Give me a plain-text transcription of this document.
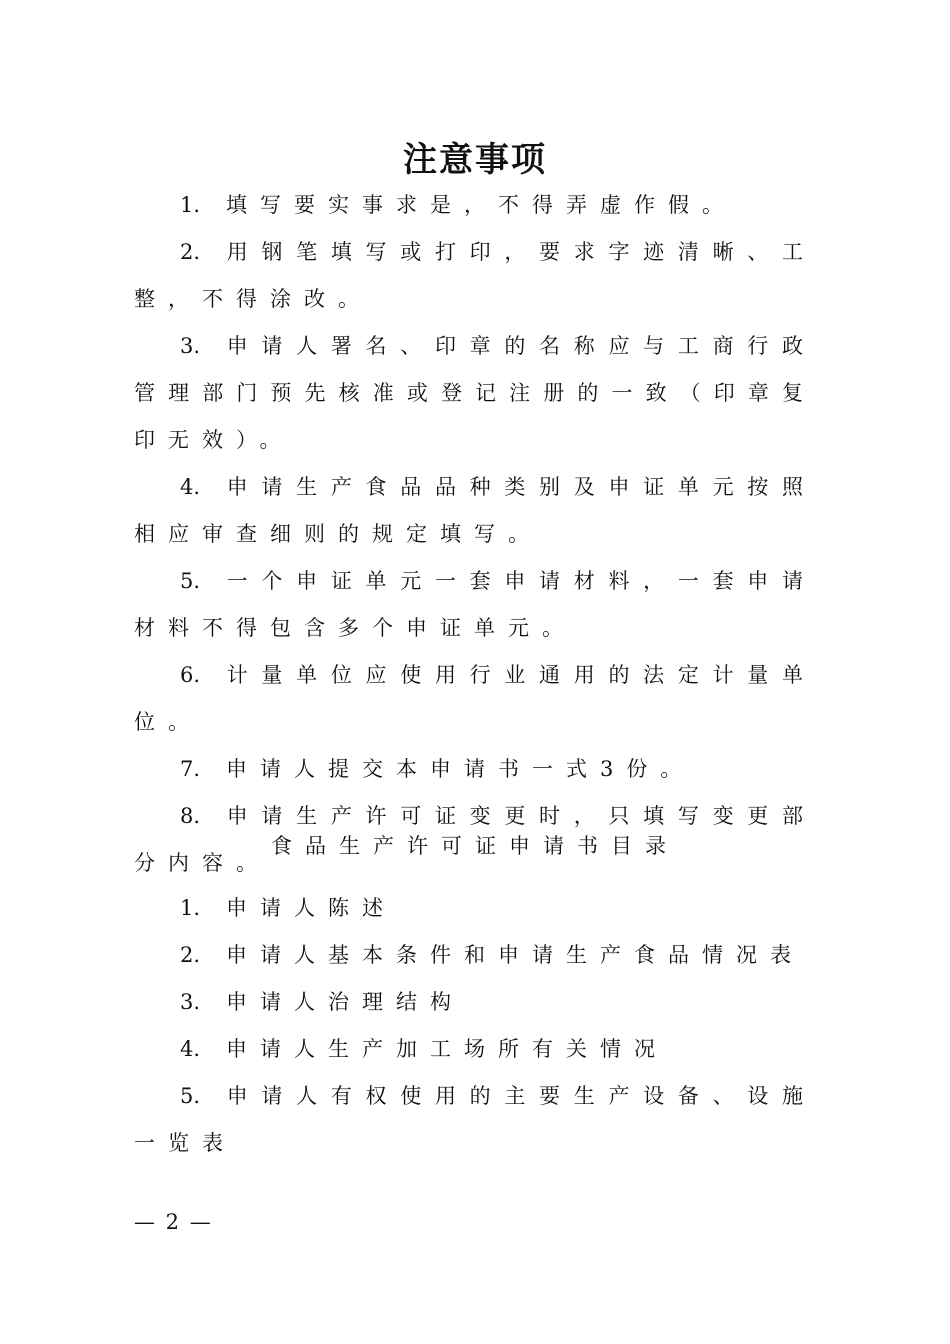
注意事项

1. 填写要实事求是，不得弄虚作假。

2. 用钢笔填写或打印，要求字迹清晰、工整，不得涂改。

3. 申请人署名、印章的名称应与工商行政管理部门预先核准或登记注册的一致（印章复印无效）。

4. 申请生产食品品种类别及申证单元按照相应审查细则的规定填写。

5. 一个申证单元一套申请材料，一套申请材料不得包含多个申证单元。

6. 计量单位应使用行业通用的法定计量单位。

7. 申请人提交本申请书一式3份。

8. 申请生产许可证变更时，只填写变更部分内容。

食品生产许可证申请书目录

1. 申请人陈述

2. 申请人基本条件和申请生产食品情况表

3. 申请人治理结构

4. 申请人生产加工场所有关情况

5. 申请人有权使用的主要生产设备、设施一览表

— 2 —
